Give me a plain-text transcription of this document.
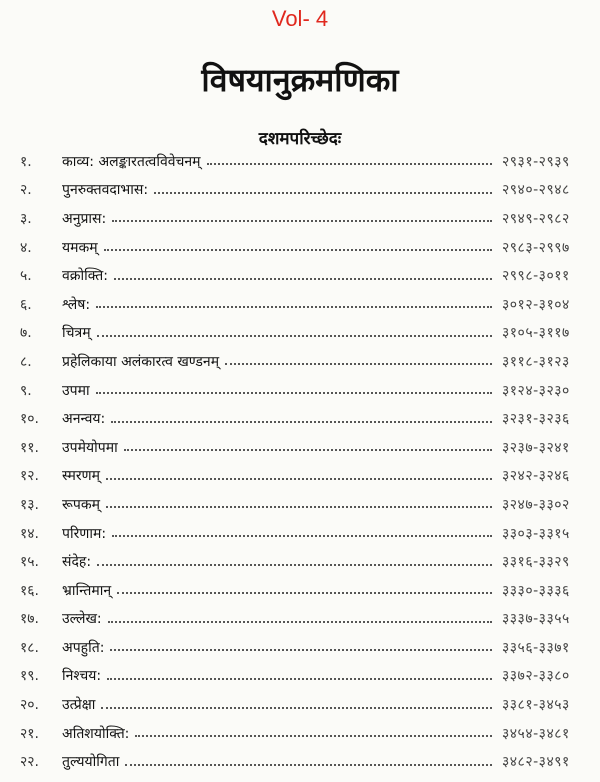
Vol- 4
विषयानुक्रमणिका
दशमपरिच्छेदः
१.	काव्य: अलङ्कारतत्वविवेचनम्	२९३१-२९३९
२.	पुनरुक्तवदाभास:	२९४०-२९४८
३.	अनुप्रास:	२९४९-२९८२
४.	यमकम्	२९८३-२९९७
५.	वक्रोक्ति:	२९९८-३०११
६.	श्लेष:	३०१२-३१०४
७.	चित्रम्	३१०५-३११७
८.	प्रहेलिकाया अलंकारत्व खण्डनम्	३११८-३१२३
९.	उपमा	३१२४-३२३०
१०.	अनन्वय:	३२३१-३२३६
११.	उपमेयोपमा	३२३७-३२४१
१२.	स्मरणम्	३२४२-३२४६
१३.	रूपकम्	३२४७-३३०२
१४.	परिणाम:	३३०३-३३१५
१५.	संदेह:	३३१६-३३२९
१६.	भ्रान्तिमान्	३३३०-३३३६
१७.	उल्लेख:	३३३७-३३५५
१८.	अपहुति:	३३५६-३३७१
१९.	निश्चय:	३३७२-३३८०
२०.	उत्प्रेक्षा	३३८१-३४५३
२१.	अतिशयोक्ति:	३४५४-३४८१
२२.	तुल्ययोगिता	३४८२-३४९१
